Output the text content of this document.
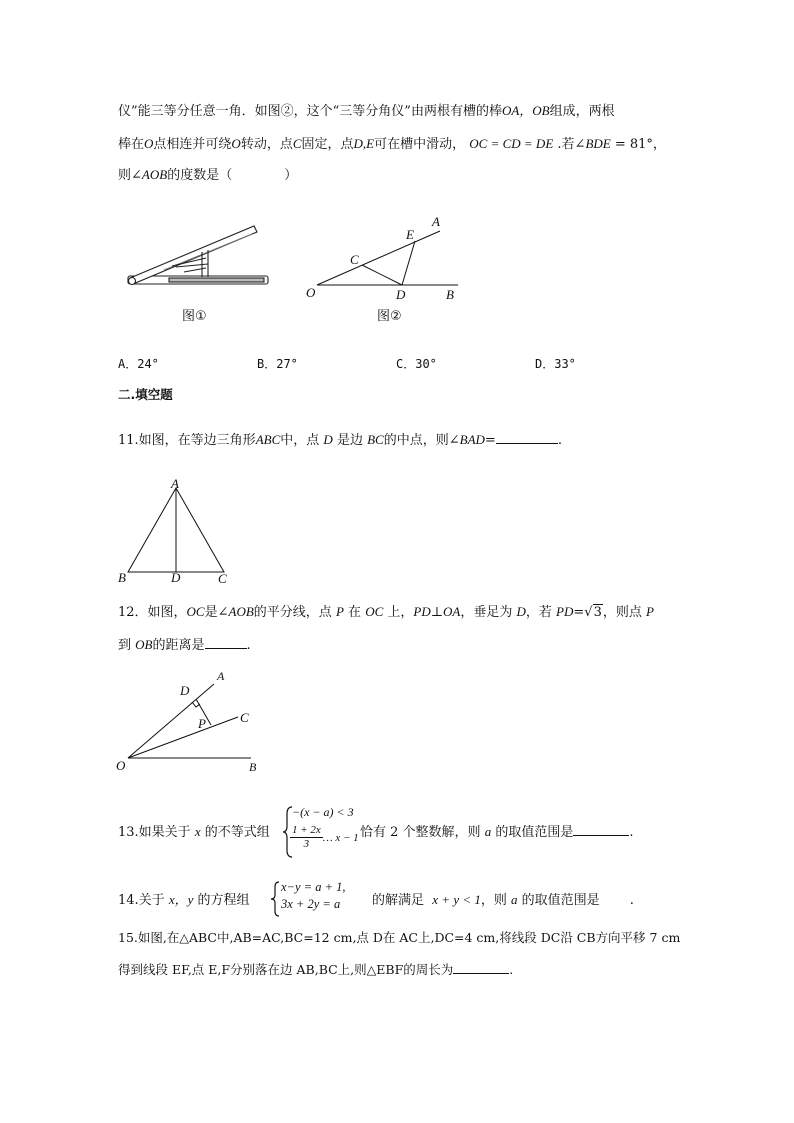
仪”能三等分任意一角．如图②，这个“三等分角仪”由两根有槽的棒OA，OB组成，两根
棒在O点相连并可绕O转动，点C固定，点D,E可在槽中滑动， OC = CD = DE .若∠BDE = 81°，
则∠AOB的度数是（　　　　）
图①
A
E
C
O	D	B
图②
A．24°	B．27°	C．30°	D．33°
二.填空题
11.如图，在等边三角形ABC中，点 D 是边 BC的中点，则∠BAD=	.
A
B	D	C
12．如图，OC是∠AOB的平分线，点 P 在 OC 上，PD⊥OA，垂足为 D，若 PD=√3，则点 P
到 OB的距离是	.
D
A
P	C
O	B
13.如果关于 x 的不等式组
−(x − a) < 3
$\frac{1 + 2x}{3}$ … x − 1 恰有 2 个整数解，则 a 的取值范围是	.
14.关于 x，y 的方程组
x−y = a + 1,
3x + 2y = a 的解满足 x + y < 1，则 a 的取值范围是 .
15.如图,在△ABC中,AB=AC,BC=12 cm,点 D在 AC上,DC=4 cm,将线段 DC沿 CB方向平移 7 cm
得到线段 EF,点 E,F分别落在边 AB,BC上,则△EBF的周长为	.
